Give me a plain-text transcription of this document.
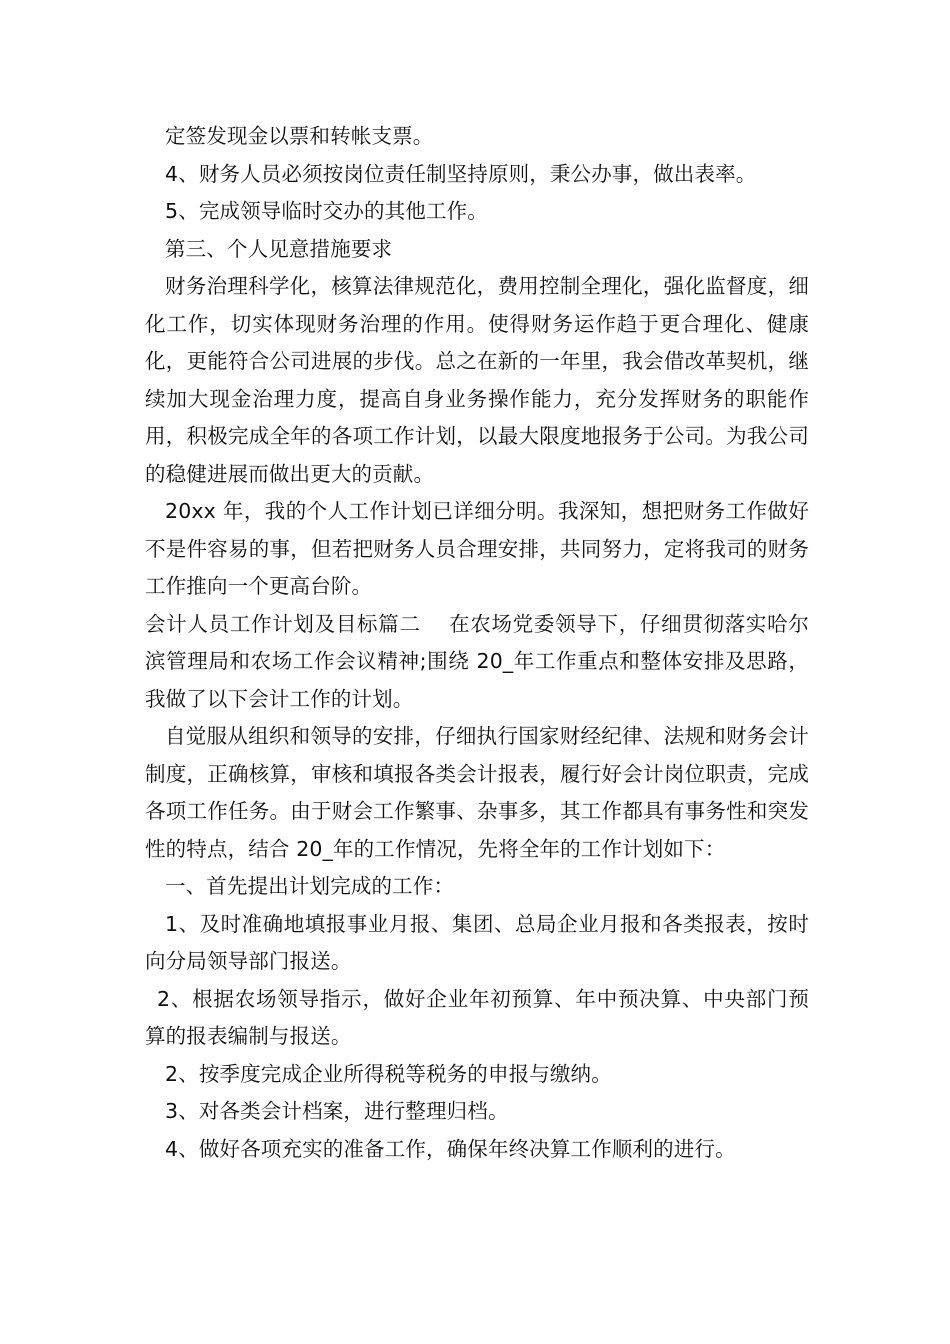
定签发现金以票和转帐支票。

4、财务人员必须按岗位责任制坚持原则，秉公办事，做出表率。

5、完成领导临时交办的其他工作。

第三、个人见意措施要求

财务治理科学化，核算法律规范化，费用控制全理化，强化监督度，细化工作，切实体现财务治理的作用。使得财务运作趋于更合理化、健康化，更能符合公司进展的步伐。总之在新的一年里，我会借改革契机，继续加大现金治理力度，提高自身业务操作能力，充分发挥财务的职能作用，积极完成全年的各项工作计划，以最大限度地报务于公司。为我公司的稳健进展而做出更大的贡献。

20xx 年，我的个人工作计划已详细分明。我深知，想把财务工作做好不是件容易的事，但若把财务人员合理安排，共同努力，定将我司的财务工作推向一个更高台阶。

会计人员工作计划及目标篇二　 在农场党委领导下，仔细贯彻落实哈尔滨管理局和农场工作会议精神;围绕 20_年工作重点和整体安排及思路，我做了以下会计工作的计划。

自觉服从组织和领导的安排，仔细执行国家财经纪律、法规和财务会计制度，正确核算，审核和填报各类会计报表，履行好会计岗位职责，完成各项工作任务。由于财会工作繁事、杂事多，其工作都具有事务性和突发性的特点，结合 20_年的工作情况，先将全年的工作计划如下：

一、首先提出计划完成的工作：

1、及时准确地填报事业月报、集团、总局企业月报和各类报表，按时向分局领导部门报送。

2、根据农场领导指示，做好企业年初预算、年中预决算、中央部门预算的报表编制与报送。

2、按季度完成企业所得税等税务的申报与缴纳。

3、对各类会计档案，进行整理归档。

4、做好各项充实的准备工作，确保年终决算工作顺利的进行。
